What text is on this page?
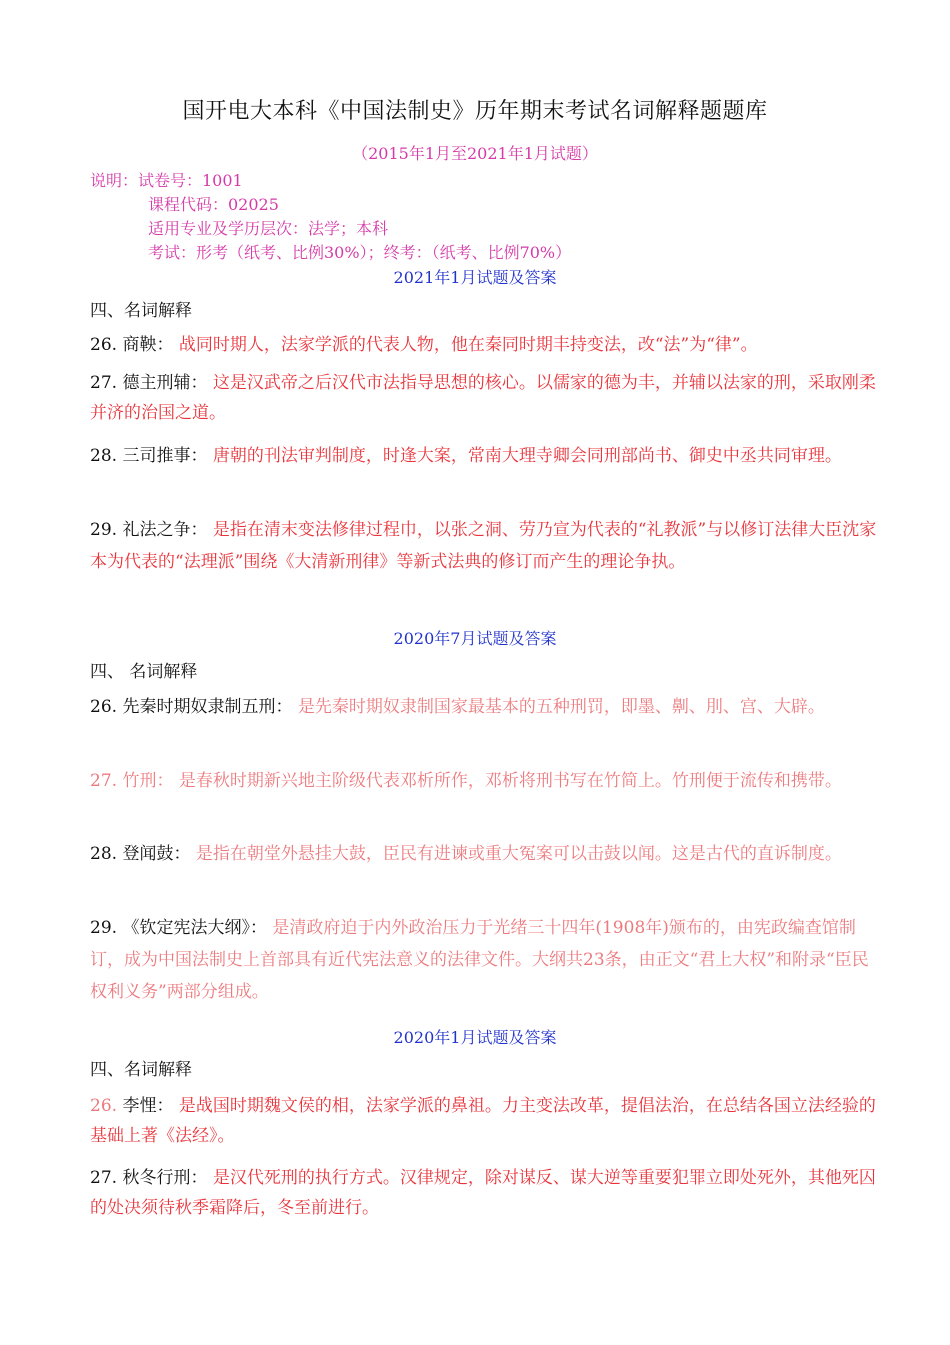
国开电大本科《中国法制史》历年期末考试名词解释题题库
（2015年1月至2021年1月试题）
说明：试卷号：1001
课程代码：02025
适用专业及学历层次：法学；本科
考试：形考（纸考、比例30%）；终考：（纸考、比例70%）
2021年1月试题及答案
四、名词解释
26. 商鞅： 战同时期人，法家学派的代表人物，他在秦同时期丰持变法，改“法”为“律”。
27. 德主刑辅： 这是汉武帝之后汉代市法指导思想的核心。以儒家的德为丰，并辅以法家的刑，采取刚柔并济的治国之道。
28. 三司推事： 唐朝的刊法审判制度，时逢大案，常南大理寺卿会同刑部尚书、御史中丞共同审理。
29. 礼法之争： 是指在清末变法修律过程巾，以张之洞、劳乃宣为代表的“礼教派”与以修订法律大臣沈家本为代表的“法理派”围绕《大清新刑律》等新式法典的修订而产生的理论争执。
2020年7月试题及答案
四、 名词解释
26. 先秦时期奴隶制五刑： 是先秦时期奴隶制国家最基本的五种刑罚，即墨、劓、刖、宫、大辟。
27. 竹刑： 是春秋时期新兴地主阶级代表邓析所作，邓析将刑书写在竹简上。竹刑便于流传和携带。
28. 登闻鼓： 是指在朝堂外悬挂大鼓，臣民有进谏或重大冤案可以击鼓以闻。这是古代的直诉制度。
29. 《钦定宪法大纲》： 是清政府迫于内外政治压力于光绪三十四年(1908年)颁布的，由宪政编查馆制订，成为中国法制史上首部具有近代宪法意义的法律文件。大纲共23条，由正文“君上大权”和附录“臣民权利义务”两部分组成。
2020年1月试题及答案
四、名词解释
26. 李悝： 是战国时期魏文侯的相，法家学派的鼻祖。力主变法改革，提倡法治，在总结各国立法经验的基础上著《法经》。
27. 秋冬行刑： 是汉代死刑的执行方式。汉律规定，除对谋反、谋大逆等重要犯罪立即处死外，其他死囚的处决须待秋季霜降后，冬至前进行。
